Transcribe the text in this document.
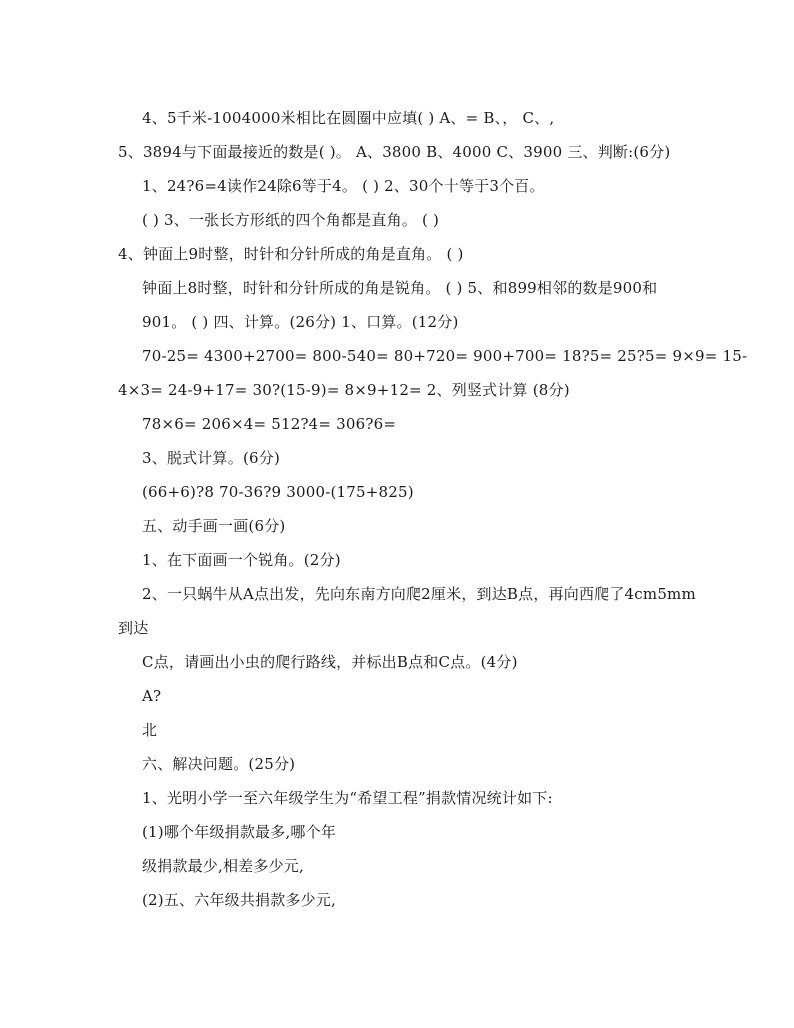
4、5千米-1004000米相比在圆圈中应填( ) A、= B、， C、,
5、3894与下面最接近的数是( )。 A、3800 B、4000 C、3900 三、判断:(6分)
1、24?6=4读作24除6等于4。 ( ) 2、30个十等于3个百。
( ) 3、一张长方形纸的四个角都是直角。 ( )
4、钟面上9时整，时针和分针所成的角是直角。 ( )
钟面上8时整，时针和分针所成的角是锐角。 ( ) 5、和899相邻的数是900和
901。 ( ) 四、计算。(26分) 1、口算。(12分)
70-25= 4300+2700= 800-540= 80+720= 900+700= 18?5= 25?5= 9×9= 15-
4×3= 24-9+17= 30?(15-9)= 8×9+12= 2、列竖式计算 (8分)
78×6= 206×4= 512?4= 306?6=
3、脱式计算。(6分)
(66+6)?8 70-36?9 3000-(175+825)
五、动手画一画(6分)
1、在下面画一个锐角。(2分)
2、一只蜗牛从A点出发，先向东南方向爬2厘米，到达B点，再向西爬了4cm5mm
到达
C点，请画出小虫的爬行路线，并标出B点和C点。(4分)
A?
北
六、解决问题。(25分)
1、光明小学一至六年级学生为“希望工程”捐款情况统计如下:
(1)哪个年级捐款最多,哪个年
级捐款最少,相差多少元,
(2)五、六年级共捐款多少元,
